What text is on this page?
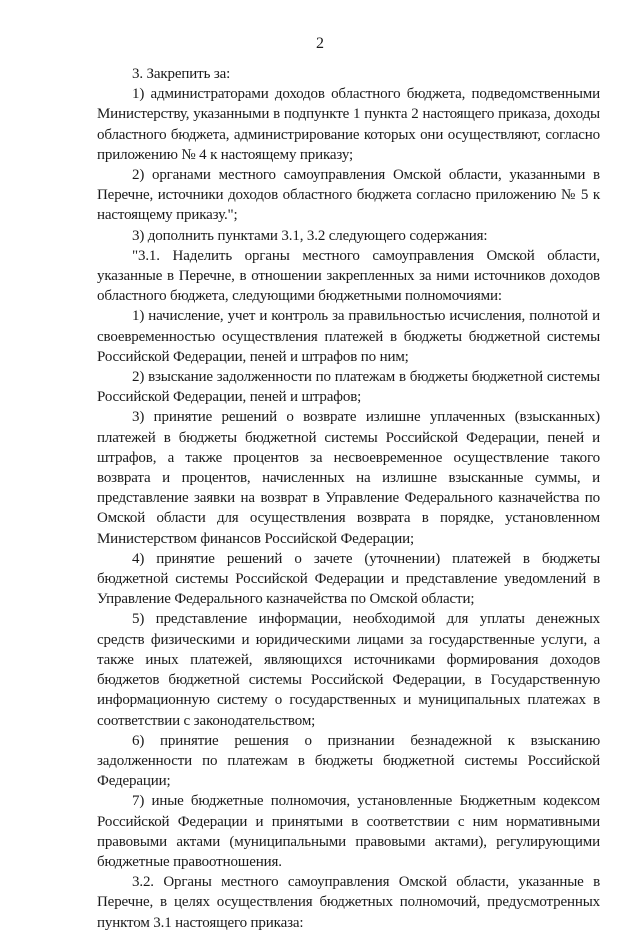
2

3. Закрепить за:

1) администраторами доходов областного бюджета, подведомственными Министерству, указанными в подпункте 1 пункта 2 настоящего приказа, доходы областного бюджета, администрирование которых они осуществляют, согласно приложению № 4 к настоящему приказу;

2) органами местного самоуправления Омской области, указанными в Перечне, источники доходов областного бюджета согласно приложению № 5 к настоящему приказу.";

3) дополнить пунктами 3.1, 3.2 следующего содержания:

"3.1. Наделить органы местного самоуправления Омской области, указанные в Перечне, в отношении закрепленных за ними источников доходов областного бюджета, следующими бюджетными полномочиями:

1) начисление, учет и контроль за правильностью исчисления, полнотой и своевременностью осуществления платежей в бюджеты бюджетной системы Российской Федерации, пеней и штрафов по ним;

2) взыскание задолженности по платежам в бюджеты бюджетной системы Российской Федерации, пеней и штрафов;

3) принятие решений о возврате излишне уплаченных (взысканных) платежей в бюджеты бюджетной системы Российской Федерации, пеней и штрафов, а также процентов за несвоевременное осуществление такого возврата и процентов, начисленных на излишне взысканные суммы, и представление заявки на возврат в Управление Федерального казначейства по Омской области для осуществления возврата в порядке, установленном Министерством финансов Российской Федерации;

4) принятие решений о зачете (уточнении) платежей в бюджеты бюджетной системы Российской Федерации и представление уведомлений в Управление Федерального казначейства по Омской области;

5) представление информации, необходимой для уплаты денежных средств физическими и юридическими лицами за государственные услуги, а также иных платежей, являющихся источниками формирования доходов бюджетов бюджетной системы Российской Федерации, в Государственную информационную систему о государственных и муниципальных платежах в соответствии с законодательством;

6) принятие решения о признании безнадежной к взысканию задолженности по платежам в бюджеты бюджетной системы Российской Федерации;

7) иные бюджетные полномочия, установленные Бюджетным кодексом Российской Федерации и принятыми в соответствии с ним нормативными правовыми актами (муниципальными правовыми актами), регулирующими бюджетные правоотношения.

3.2. Органы местного самоуправления Омской области, указанные в Перечне, в целях осуществления бюджетных полномочий, предусмотренных пунктом 3.1 настоящего приказа:
